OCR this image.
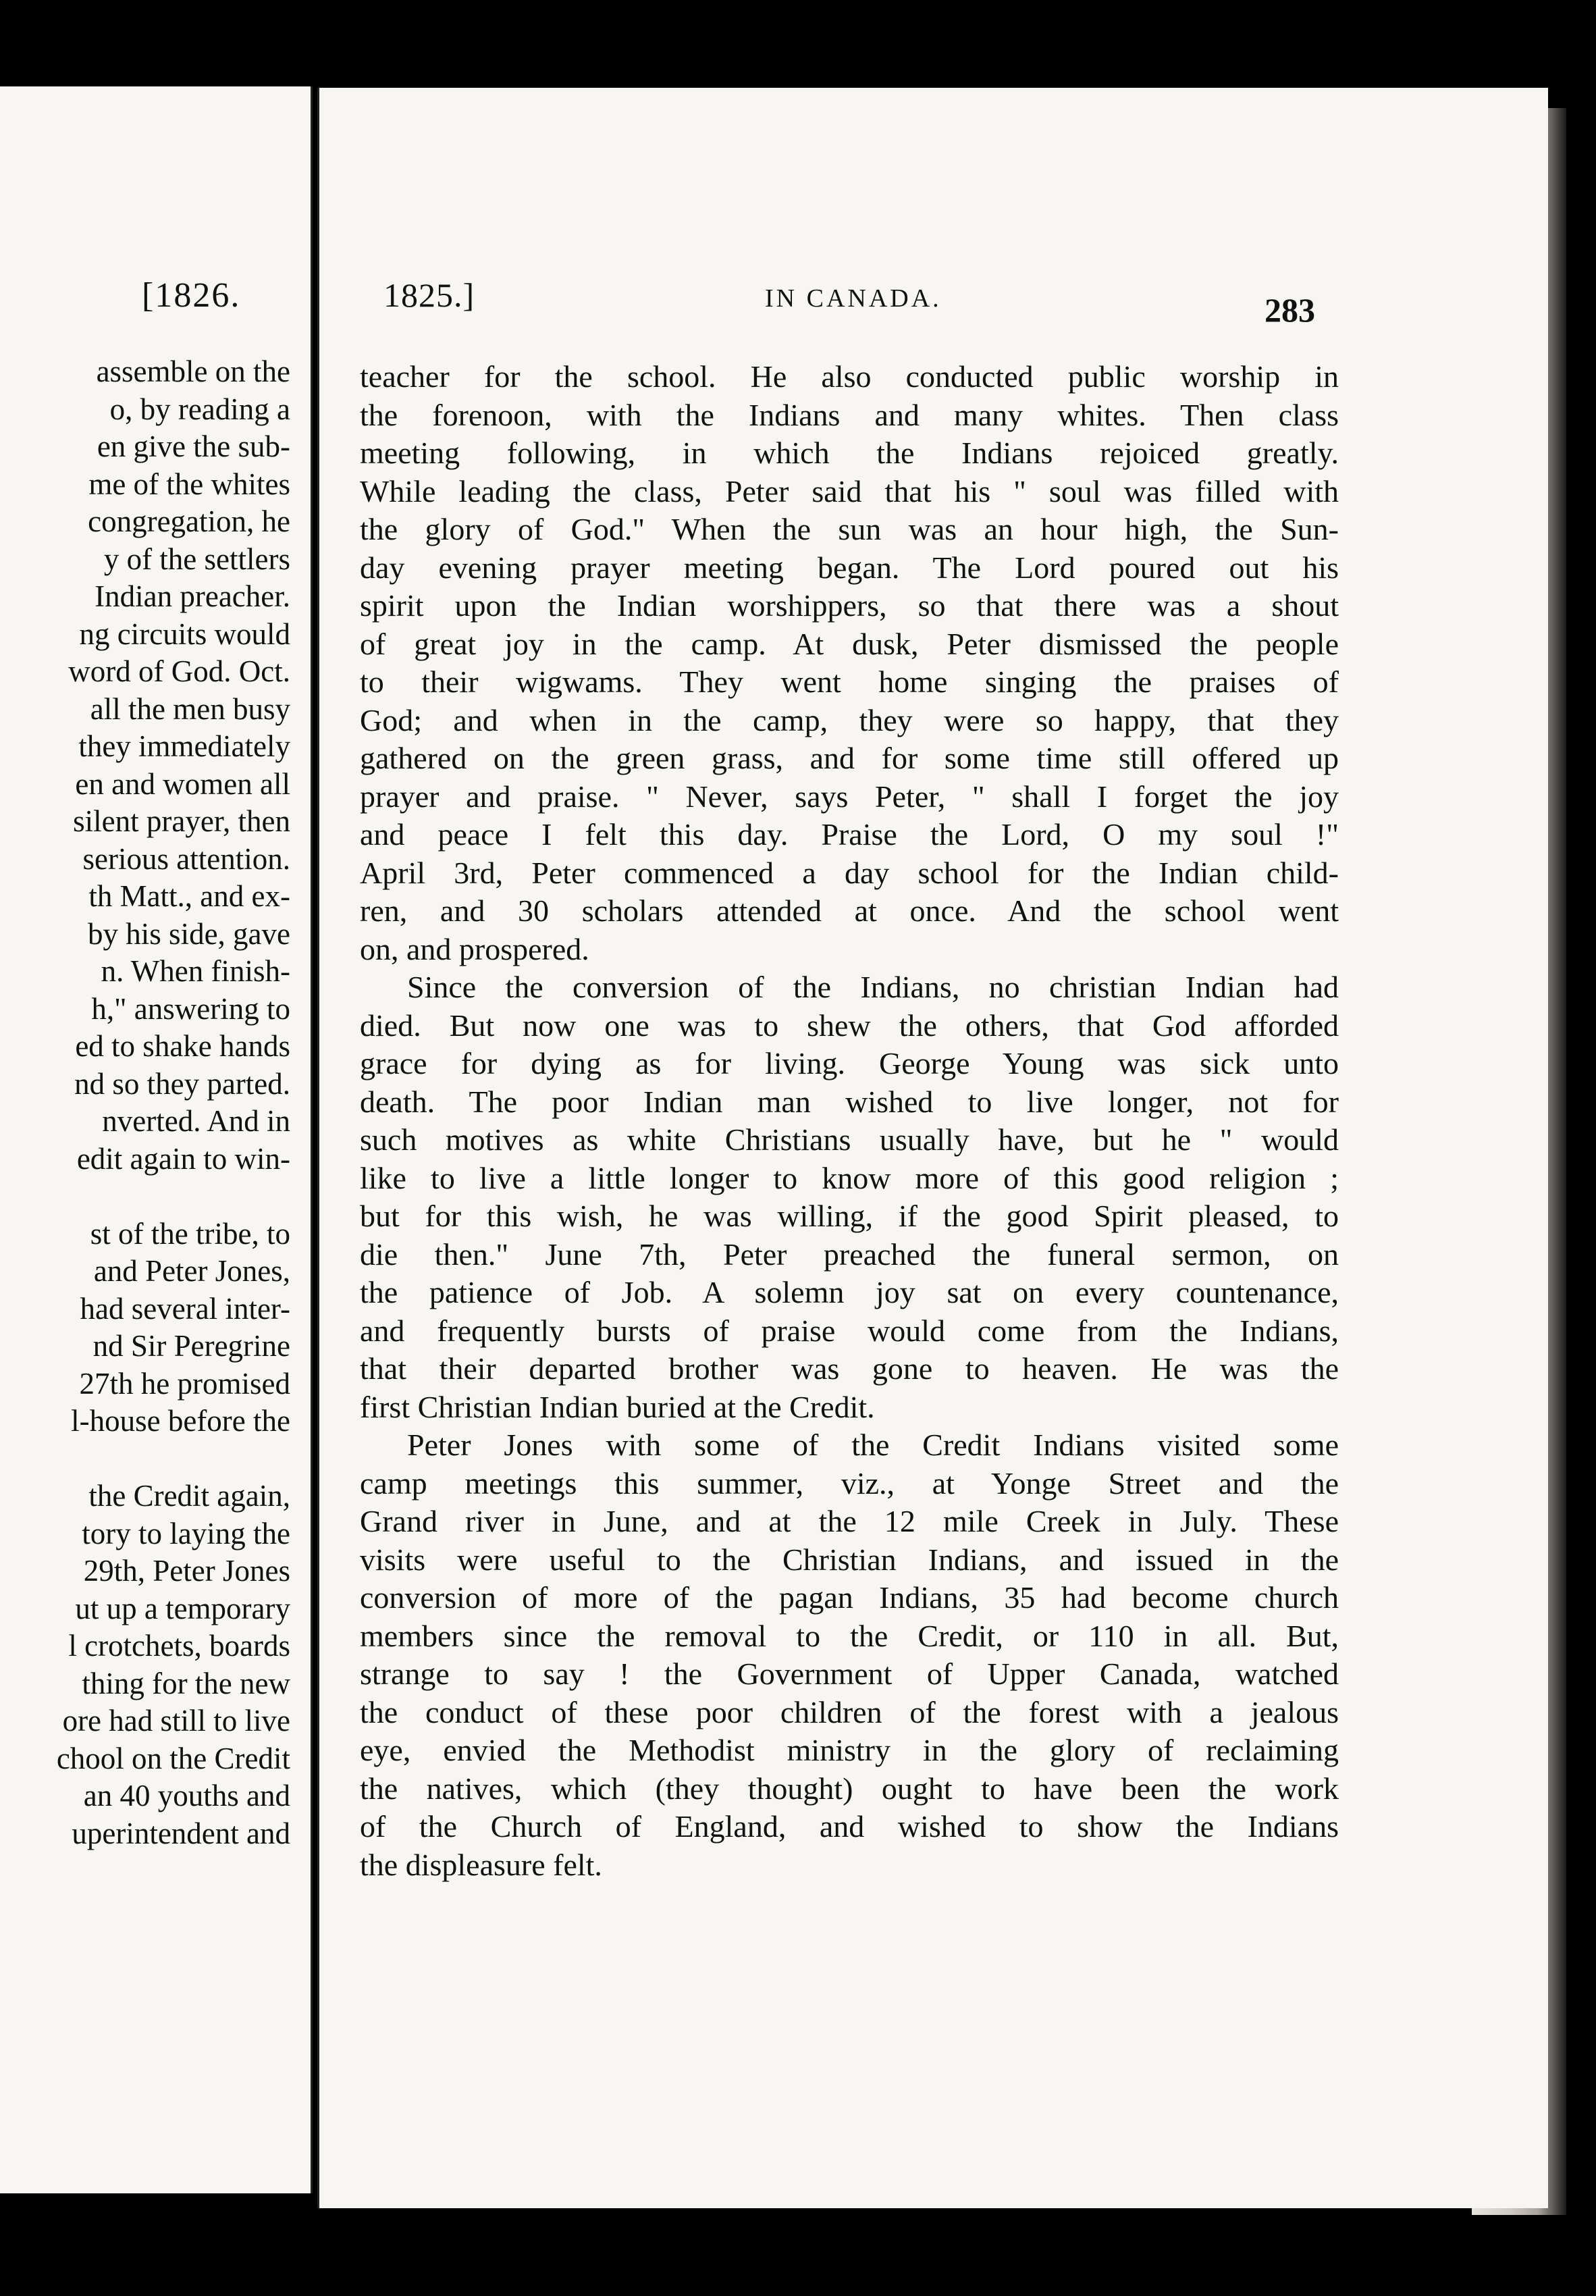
[1826.
assemble on the
o, by reading a
en give the sub-
me of the whites
congregation, he
y of the settlers
Indian preacher.
ng circuits would
word of God. Oct.
all the men busy
they immediately
en and women all
silent prayer, then
serious attention.
th Matt., and ex-
by his side, gave
n. When finish-
h," answering to
ed to shake hands
nd so they parted.
nverted. And in
edit again to win-

st of the tribe, to
and Peter Jones,
had several inter-
nd Sir Peregrine
27th he promised
l-house before the

the Credit again,
tory to laying the
29th, Peter Jones
ut up a temporary
l crotchets, boards
thing for the new
ore had still to live
chool on the Credit
an 40 youths and
uperintendent and
1825.]	IN CANADA.	283
teacher for the school. He also conducted public worship in
the forenoon, with the Indians and many whites. Then class
meeting following, in which the Indians rejoiced greatly.
While leading the class, Peter said that his " soul was filled with
the glory of God." When the sun was an hour high, the Sun-
day evening prayer meeting began. The Lord poured out his
spirit upon the Indian worshippers, so that there was a shout
of great joy in the camp. At dusk, Peter dismissed the people
to their wigwams. They went home singing the praises of
God; and when in the camp, they were so happy, that they
gathered on the green grass, and for some time still offered up
prayer and praise. " Never, says Peter, " shall I forget the joy
and peace I felt this day. Praise the Lord, O my soul !"
April 3rd, Peter commenced a day school for the Indian child-
ren, and 30 scholars attended at once. And the school went
on, and prospered.
Since the conversion of the Indians, no christian Indian had
died. But now one was to shew the others, that God afforded
grace for dying as for living. George Young was sick unto
death. The poor Indian man wished to live longer, not for
such motives as white Christians usually have, but he " would
like to live a little longer to know more of this good religion ;
but for this wish, he was willing, if the good Spirit pleased, to
die then." June 7th, Peter preached the funeral sermon, on
the patience of Job. A solemn joy sat on every countenance,
and frequently bursts of praise would come from the Indians,
that their departed brother was gone to heaven. He was the
first Christian Indian buried at the Credit.
Peter Jones with some of the Credit Indians visited some
camp meetings this summer, viz., at Yonge Street and the
Grand river in June, and at the 12 mile Creek in July. These
visits were useful to the Christian Indians, and issued in the
conversion of more of the pagan Indians, 35 had become church
members since the removal to the Credit, or 110 in all. But,
strange to say ! the Government of Upper Canada, watched
the conduct of these poor children of the forest with a jealous
eye, envied the Methodist ministry in the glory of reclaiming
the natives, which (they thought) ought to have been the work
of the Church of England, and wished to show the Indians
the displeasure felt.
